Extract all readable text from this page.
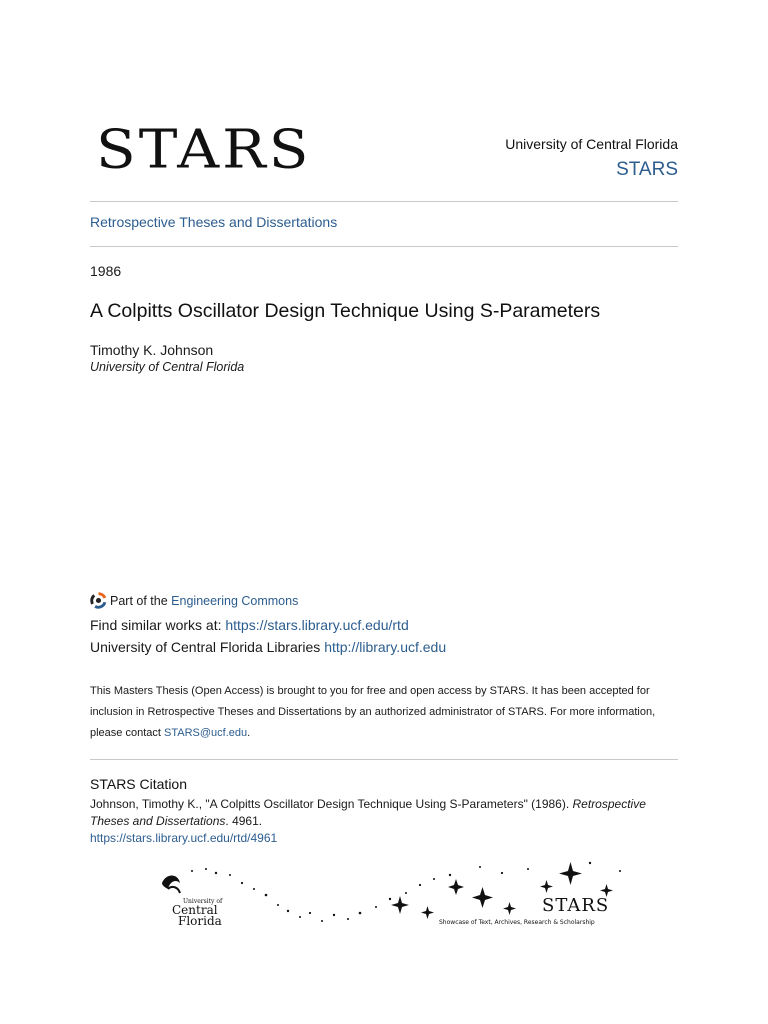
STARS	University of Central Florida
STARS
Retrospective Theses and Dissertations
1986
A Colpitts Oscillator Design Technique Using S-Parameters
Timothy K. Johnson
University of Central Florida
Part of the
Engineering Commons
Find similar works at: https://stars.library.ucf.edu/rtd
University of Central Florida Libraries http://library.ucf.edu
This Masters Thesis (Open Access) is brought to you for free and open access by STARS. It has been accepted for inclusion in Retrospective Theses and Dissertations by an authorized administrator of STARS. For more information, please contact STARS@ucf.edu.
STARS Citation
Johnson, Timothy K., "A Colpitts Oscillator Design Technique Using S-Parameters" (1986). Retrospective Theses and Dissertations. 4961.
https://stars.library.ucf.edu/rtd/4961
University of
Central
Florida
STARS
Showcase of Text, Archives, Research & Scholarship
